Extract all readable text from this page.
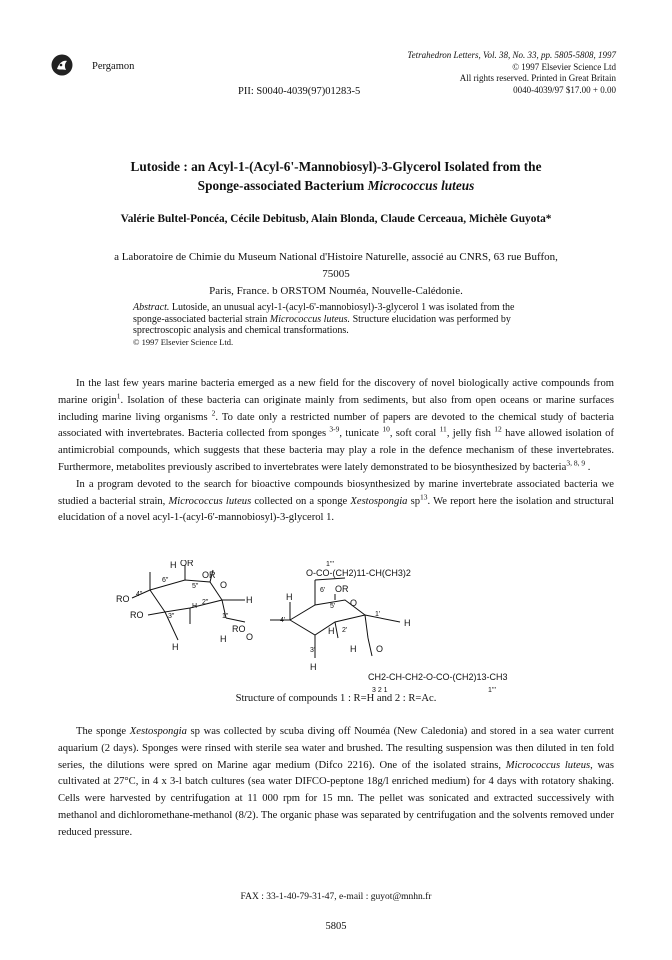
Pergamon
Tetrahedron Letters, Vol. 38, No. 33, pp. 5805-5808, 1997
© 1997 Elsevier Science Ltd
All rights reserved. Printed in Great Britain
0040-4039/97 $17.00 + 0.00
PII: S0040-4039(97)01283-5
Lutoside : an Acyl-1-(Acyl-6'-Mannobiosyl)-3-Glycerol Isolated from the
Sponge-associated Bacterium Micrococcus luteus
Valérie Bultel-Poncéa, Cécile Debitusb, Alain Blonda, Claude Cerceaua, Michèle Guyota*
a Laboratoire de Chimie du Museum National d'Histoire Naturelle, associé au CNRS, 63 rue Buffon, 75005
Paris, France. b ORSTOM Nouméa, Nouvelle-Calédonie.
Abstract. Lutoside, an unusual acyl-1-(acyl-6'-mannobiosyl)-3-glycerol 1 was isolated from the sponge-associated bacterial strain Micrococcus luteus. Structure elucidation was performed by sprectroscopic analysis and chemical transformations.
© 1997 Elsevier Science Ltd.

In the last few years marine bacteria emerged as a new field for the discovery of novel biologically active compounds from marine origin$^1$. Isolation of these bacteria can originate mainly from sediments, but also from open oceans or marine surfaces including marine living organisms $^2$. To date only a restricted number of papers are devoted to the chemical study of bacteria associated with invertebrates. Bacteria collected from sponges $^{3-9}$, tunicate $^{10}$, soft coral $^{11}$, jelly fish $^{12}$ have allowed isolation of antimicrobial compounds, which suggests that these bacteria may play a role in the defence mechanism of these invertebrates. Furthermore, metabolites previously ascribed to invertebrates were lately demonstrated to be biosynthesized by bacteria$^{3, 8, 9}$ .

In a program devoted to the search for bioactive compounds biosynthesized by marine invertebrate associated bacteria we studied a bacterial strain, Micrococcus luteus collected on a sponge Xestospongia $sp^{13}$. We report here the isolation and structural elucidation of a novel acyl-1-(acyl-6'-mannobiosyl)-3-glycerol 1.

H OR
6"
5"
OR
O
RO 4"
RO	3"
H
2"	H
1"
RO
H O
H
H
4'
1'''
O-CO-(CH2)11-CH(CH3)2
6' OR
5' O
H 2'
1'
H
3'	H O
H
CH2-CH-CH2-O-CO-(CH2)13-CH3
3 2 1	1'''
Structure of compounds 1 : R=H and 2 : R=Ac.

The sponge Xestospongia sp was collected by scuba diving off Nouméa (New Caledonia) and stored in a sea water current aquarium (2 days). Sponges were rinsed with sterile sea water and brushed. The resulting suspension was then diluted in ten fold series, the dilutions were spred on Marine agar medium (Difco 2216). One of the isolated strains, Micrococcus luteus, was cultivated at 27°C, in 4 x 3-l batch cultures (sea water DIFCO-peptone 18g/l enriched medium) for 4 days with rotatory shaking. Cells were harvested by centrifugation at 11 000 rpm for 15 mn. The pellet was sonicated and extracted successively with methanol and dichloromethane-methanol (8/2). The organic phase was separated by centrifugation and the solvents removed under reduced pressure.

FAX : 33-1-40-79-31-47, e-mail : guyot@mnhn.fr
5805
